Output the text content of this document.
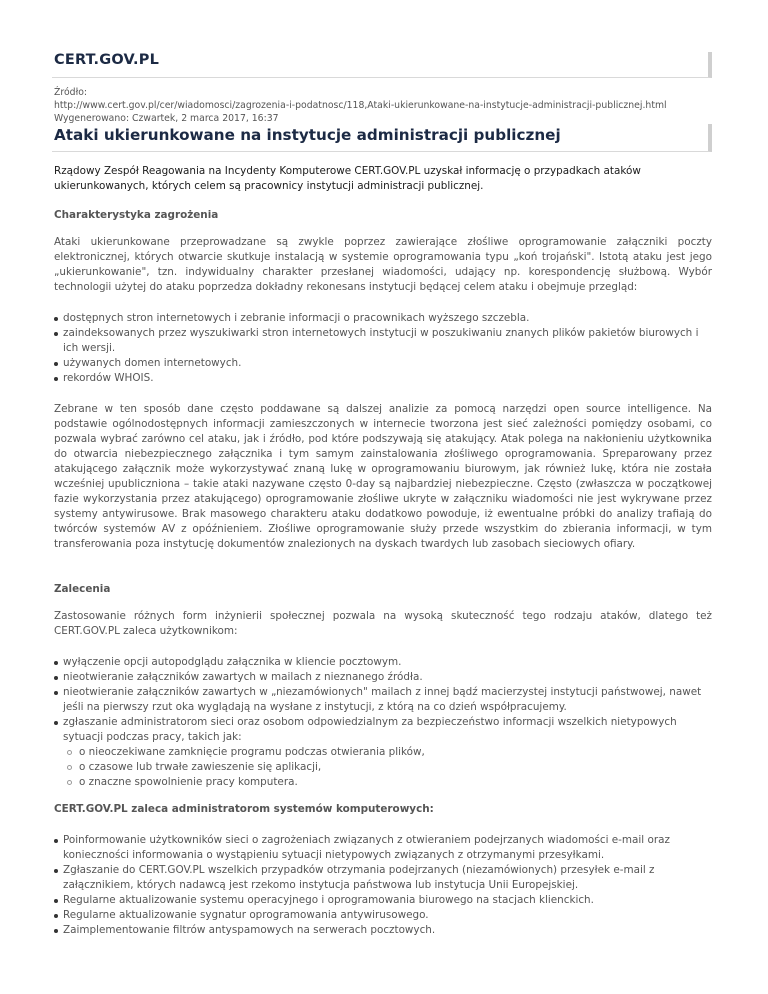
CERT.GOV.PL
Źródło:
http://www.cert.gov.pl/cer/wiadomosci/zagrozenia-i-podatnosc/118,Ataki-ukierunkowane-na-instytucje-administracji-publicznej.html
Wygenerowano: Czwartek, 2 marca 2017, 16:37
Ataki ukierunkowane na instytucje administracji publicznej

Rządowy Zespół Reagowania na Incydenty Komputerowe CERT.GOV.PL uzyskał informację o przypadkach ataków ukierunkowanych, których celem są pracownicy instytucji administracji publicznej.

Charakterystyka zagrożenia

Ataki ukierunkowane przeprowadzane są zwykle poprzez zawierające złośliwe oprogramowanie załączniki poczty elektronicznej, których otwarcie skutkuje instalacją w systemie oprogramowania typu „koń trojański". Istotą ataku jest jego „ukierunkowanie", tzn. indywidualny charakter przesłanej wiadomości, udający np. korespondencję służbową. Wybór technologii użytej do ataku poprzedza dokładny rekonesans instytucji będącej celem ataku i obejmuje przegląd:

dostępnych stron internetowych i zebranie informacji o pracownikach wyższego szczebla.
zaindeksowanych przez wyszukiwarki stron internetowych instytucji w poszukiwaniu znanych plików pakietów biurowych i ich wersji.
używanych domen internetowych.
rekordów WHOIS.

Zebrane w ten sposób dane często poddawane są dalszej analizie za pomocą narzędzi open source intelligence. Na podstawie ogólnodostępnych informacji zamieszczonych w internecie tworzona jest sieć zależności pomiędzy osobami, co pozwala wybrać zarówno cel ataku, jak i źródło, pod które podszywają się atakujący. Atak polega na nakłonieniu użytkownika do otwarcia niebezpiecznego załącznika i tym samym zainstalowania złośliwego oprogramowania. Spreparowany przez atakującego załącznik może wykorzystywać znaną lukę w oprogramowaniu biurowym, jak również lukę, która nie została wcześniej upubliczniona – takie ataki nazywane często 0-day są najbardziej niebezpieczne. Często (zwłaszcza w początkowej fazie wykorzystania przez atakującego) oprogramowanie złośliwe ukryte w załączniku wiadomości nie jest wykrywane przez systemy antywirusowe. Brak masowego charakteru ataku dodatkowo powoduje, iż ewentualne próbki do analizy trafiają do twórców systemów AV z opóźnieniem. Złośliwe oprogramowanie służy przede wszystkim do zbierania informacji, w tym transferowania poza instytucję dokumentów znalezionych na dyskach twardych lub zasobach sieciowych ofiary.

Zalecenia

Zastosowanie różnych form inżynierii społecznej pozwala na wysoką skuteczność tego rodzaju ataków, dlatego też CERT.GOV.PL zaleca użytkownikom:

wyłączenie opcji autopodglądu załącznika w kliencie pocztowym.
nieotwieranie załączników zawartych w mailach z nieznanego źródła.
nieotwieranie załączników zawartych w „niezamówionych" mailach z innej bądź macierzystej instytucji państwowej, nawet jeśli na pierwszy rzut oka wyglądają na wysłane z instytucji, z którą na co dzień współpracujemy.
zgłaszanie administratorom sieci oraz osobom odpowiedzialnym za bezpieczeństwo informacji wszelkich nietypowych sytuacji podczas pracy, takich jak:
o nieoczekiwane zamknięcie programu podczas otwierania plików,
o czasowe lub trwałe zawieszenie się aplikacji,
o znaczne spowolnienie pracy komputera.

CERT.GOV.PL zaleca administratorom systemów komputerowych:

Poinformowanie użytkowników sieci o zagrożeniach związanych z otwieraniem podejrzanych wiadomości e-mail oraz konieczności informowania o wystąpieniu sytuacji nietypowych związanych z otrzymanymi przesyłkami.
Zgłaszanie do CERT.GOV.PL wszelkich przypadków otrzymania podejrzanych (niezamówionych) przesyłek e-mail z załącznikiem, których nadawcą jest rzekomo instytucja państwowa lub instytucja Unii Europejskiej.
Regularne aktualizowanie systemu operacyjnego i oprogramowania biurowego na stacjach klienckich.
Regularne aktualizowanie sygnatur oprogramowania antywirusowego.
Zaimplementowanie filtrów antyspamowych na serwerach pocztowych.
